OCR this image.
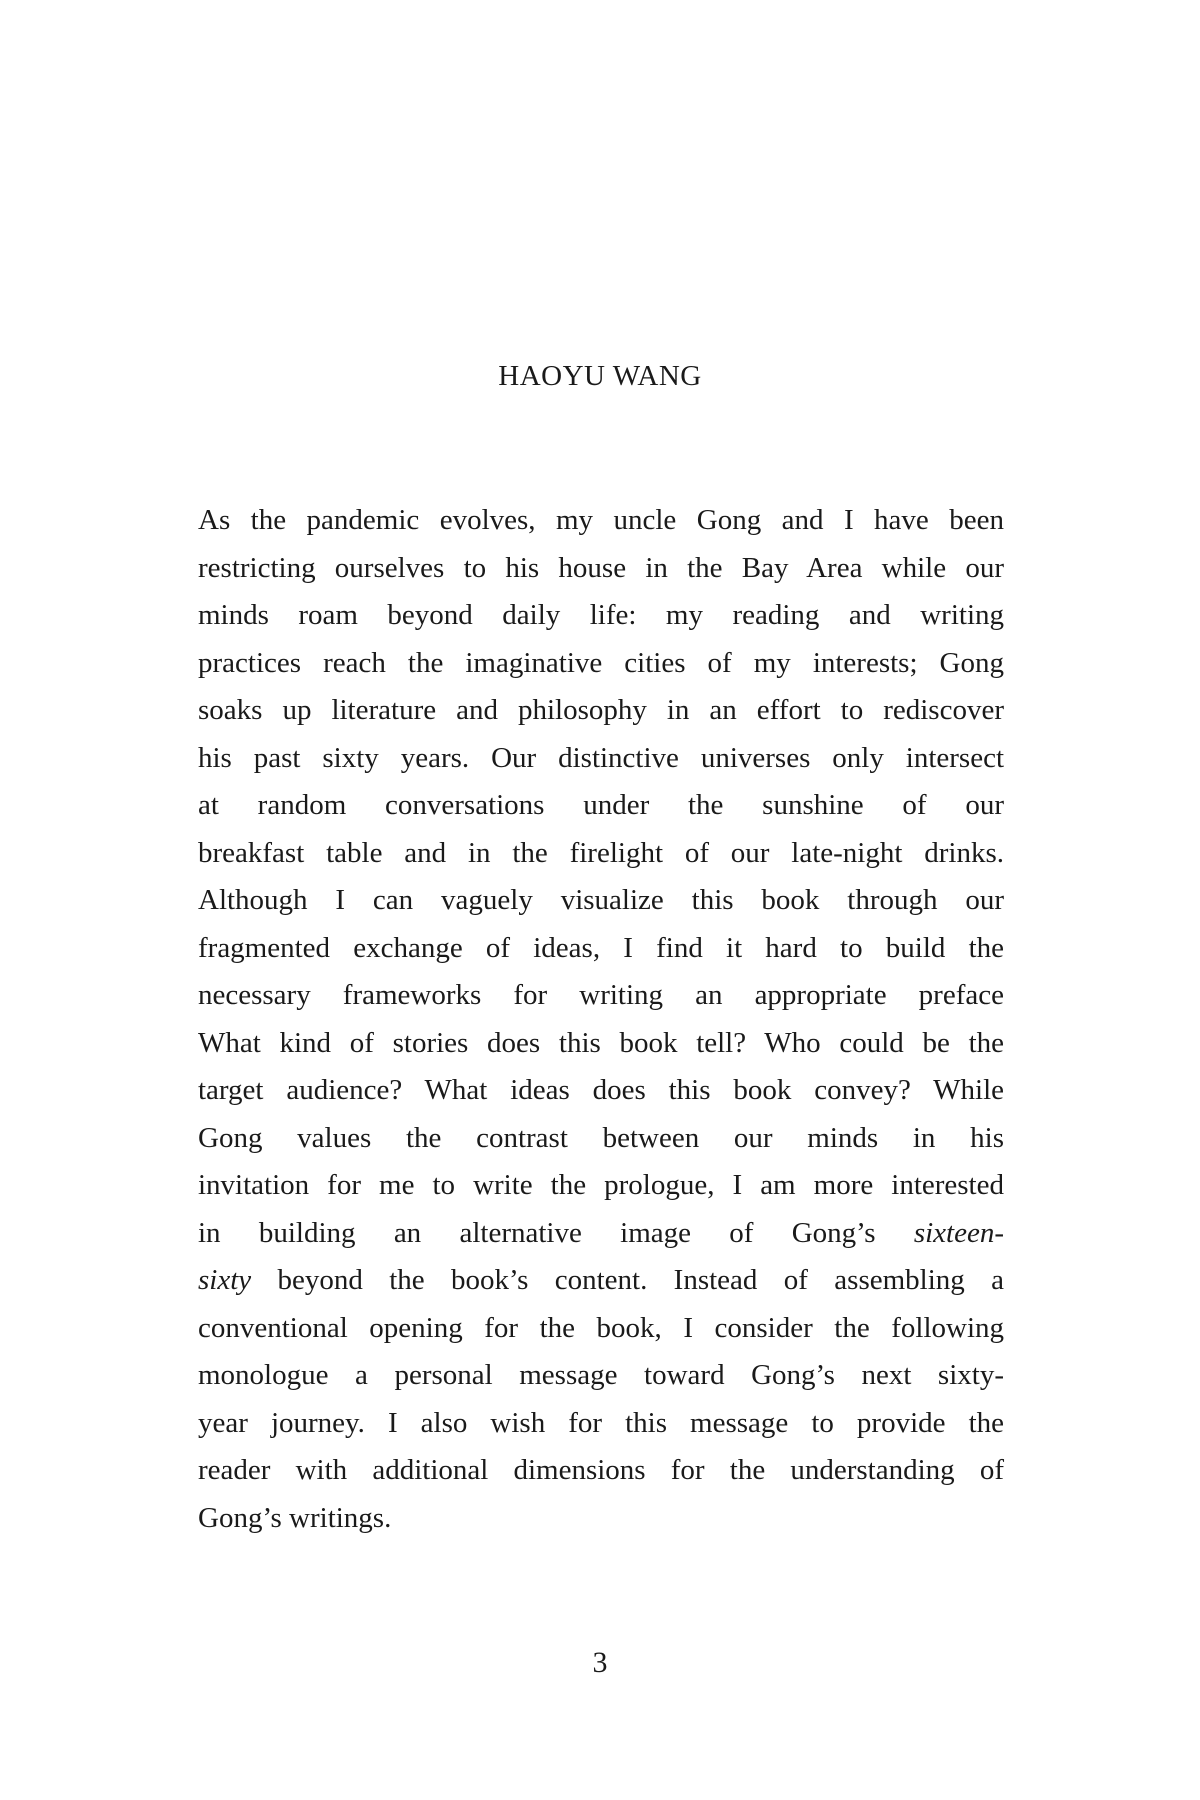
HAOYU WANG
As the pandemic evolves, my uncle Gong and I have been
restricting ourselves to his house in the Bay Area while our
minds roam beyond daily life: my reading and writing
practices reach the imaginative cities of my interests; Gong
soaks up literature and philosophy in an effort to rediscover
his past sixty years. Our distinctive universes only intersect
at random conversations under the sunshine of our
breakfast table and in the firelight of our late-night drinks.
Although I can vaguely visualize this book through our
fragmented exchange of ideas, I find it hard to build the
necessary frameworks for writing an appropriate preface
What kind of stories does this book tell? Who could be the
target audience? What ideas does this book convey? While
Gong values the contrast between our minds in his
invitation for me to write the prologue, I am more interested
in building an alternative image of Gong’s sixteen-
sixty beyond the book’s content. Instead of assembling a
conventional opening for the book, I consider the following
monologue a personal message toward Gong’s next sixty-
year journey. I also wish for this message to provide the
reader with additional dimensions for the understanding of
Gong’s writings.
3
